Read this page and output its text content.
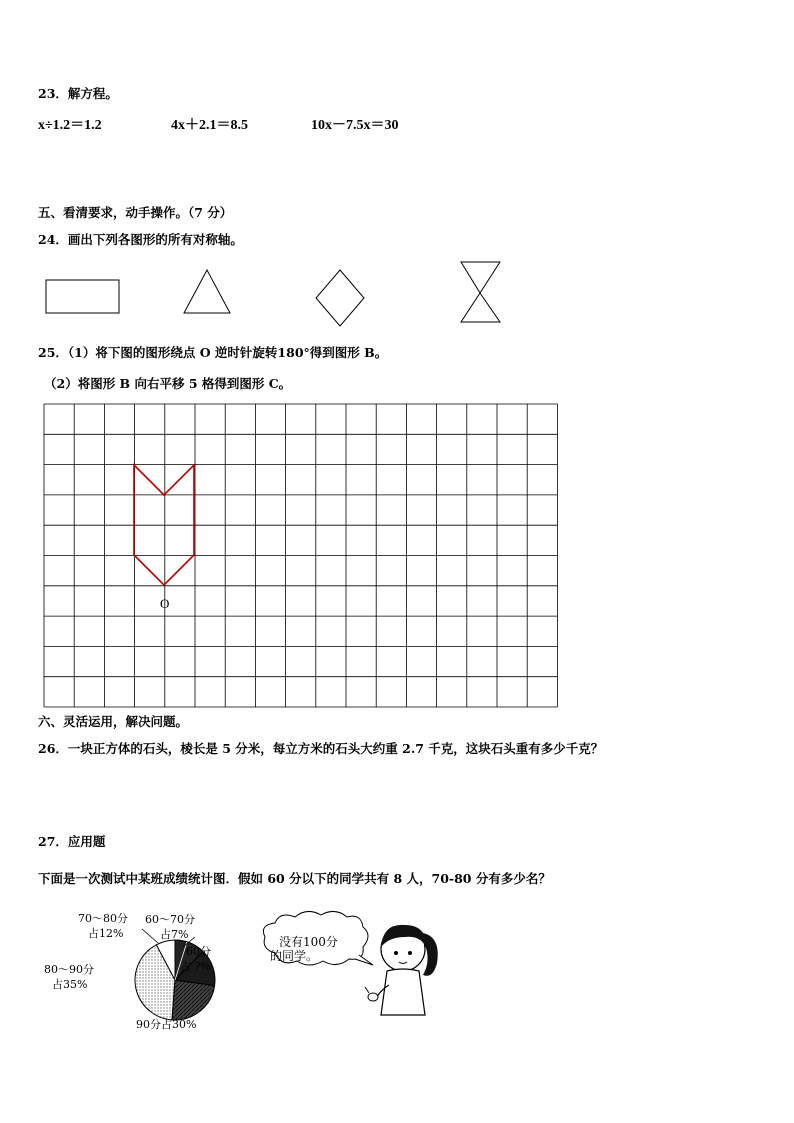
23．解方程。
x÷1.2＝1.2	4x＋2.1＝8.5	10x－7.5x＝30
五、看清要求，动手操作。（7 分）
24．画出下列各图形的所有对称轴。
25．（1）将下图的图形绕点 O 逆时针旋转180°得到图形 B。
（2）将图形 B 向右平移 5 格得到图形 C。
O
六、灵活运用，解决问题。
26．一块正方体的石头，棱长是 5 分米，每立方米的石头大约重 2.7 千克，这块石头重有多少千克？
27．应用题
下面是一次测试中某班成绩统计图．假如 60 分以下的同学共有 8 人，70-80 分有多少名？
70～80分
占12%
60～70分
占7%
60分
占 ?%
80～90分
占35%
90分占30%
没有100分
的同学。
